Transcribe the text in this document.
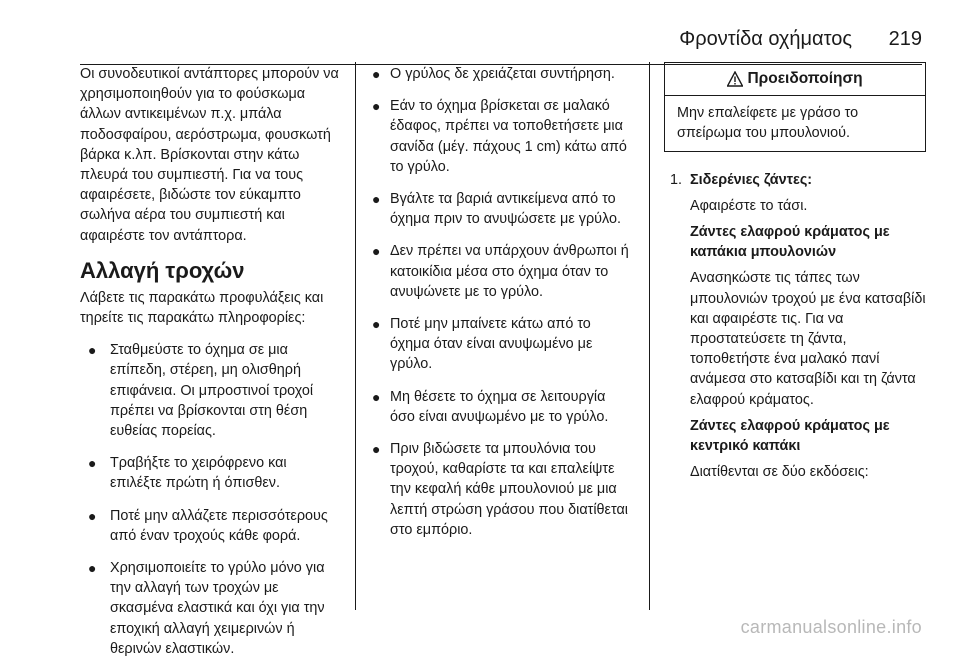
Φροντίδα οχήματος 219

Οι συνοδευτικοί αντάπτορες μπορούν να χρησιμοποιηθούν για το φούσκωμα άλλων αντικειμένων π.χ. μπάλα ποδοσφαίρου, αερόστρωμα, φουσκωτή βάρκα κ.λπ. Βρίσκονται στην κάτω πλευρά του συμπιεστή. Για να τους αφαιρέσετε, βιδώστε τον εύκαμπτο σωλήνα αέρα του συμπιεστή και αφαιρέστε τον αντάπτορα.

Αλλαγή τροχών

Λάβετε τις παρακάτω προφυλάξεις και τηρείτε τις παρακάτω πληροφορίες:

● Σταθμεύστε το όχημα σε μια επίπεδη, στέρεη, μη ολισθηρή επιφάνεια. Οι μπροστινοί τροχοί πρέπει να βρίσκονται στη θέση ευθείας πορείας.
● Τραβήξτε το χειρόφρενο και επιλέξτε πρώτη ή όπισθεν.
● Ποτέ μην αλλάζετε περισσότερους από έναν τροχούς κάθε φορά.
● Χρησιμοποιείτε το γρύλο μόνο για την αλλαγή των τροχών με σκασμένα ελαστικά και όχι για την εποχική αλλαγή χειμερινών ή θερινών ελαστικών.
● Ο γρύλος δε χρειάζεται συντήρηση.
● Εάν το όχημα βρίσκεται σε μαλακό έδαφος, πρέπει να τοποθετήσετε μια σανίδα (μέγ. πάχους 1 cm) κάτω από το γρύλο.
● Βγάλτε τα βαριά αντικείμενα από το όχημα πριν το ανυψώσετε με γρύλο.
● Δεν πρέπει να υπάρχουν άνθρωποι ή κατοικίδια μέσα στο όχημα όταν το ανυψώνετε με το γρύλο.
● Ποτέ μην μπαίνετε κάτω από το όχημα όταν είναι ανυψωμένο με γρύλο.
● Μη θέσετε το όχημα σε λειτουργία όσο είναι ανυψωμένο με το γρύλο.
● Πριν βιδώσετε τα μπουλόνια του τροχού, καθαρίστε τα και επαλείψτε την κεφαλή κάθε μπουλονιού με μια λεπτή στρώση γράσου που διατίθεται στο εμπόριο.
Προειδοποίηση
Μην επαλείφετε με γράσο το σπείρωμα του μπουλονιού.
1. Σιδερένιες ζάντες:

Αφαιρέστε το τάσι.

Ζάντες ελαφρού κράματος με καπάκια μπουλονιών

Ανασηκώστε τις τάπες των μπουλονιών τροχού με ένα κατσαβίδι και αφαιρέστε τις. Για να προστατεύσετε τη ζάντα, τοποθετήστε ένα μαλακό πανί ανάμεσα στο κατσαβίδι και τη ζάντα ελαφρού κράματος.

Ζάντες ελαφρού κράματος με κεντρικό καπάκι

Διατίθενται σε δύο εκδόσεις:

carmanualsonline.info
